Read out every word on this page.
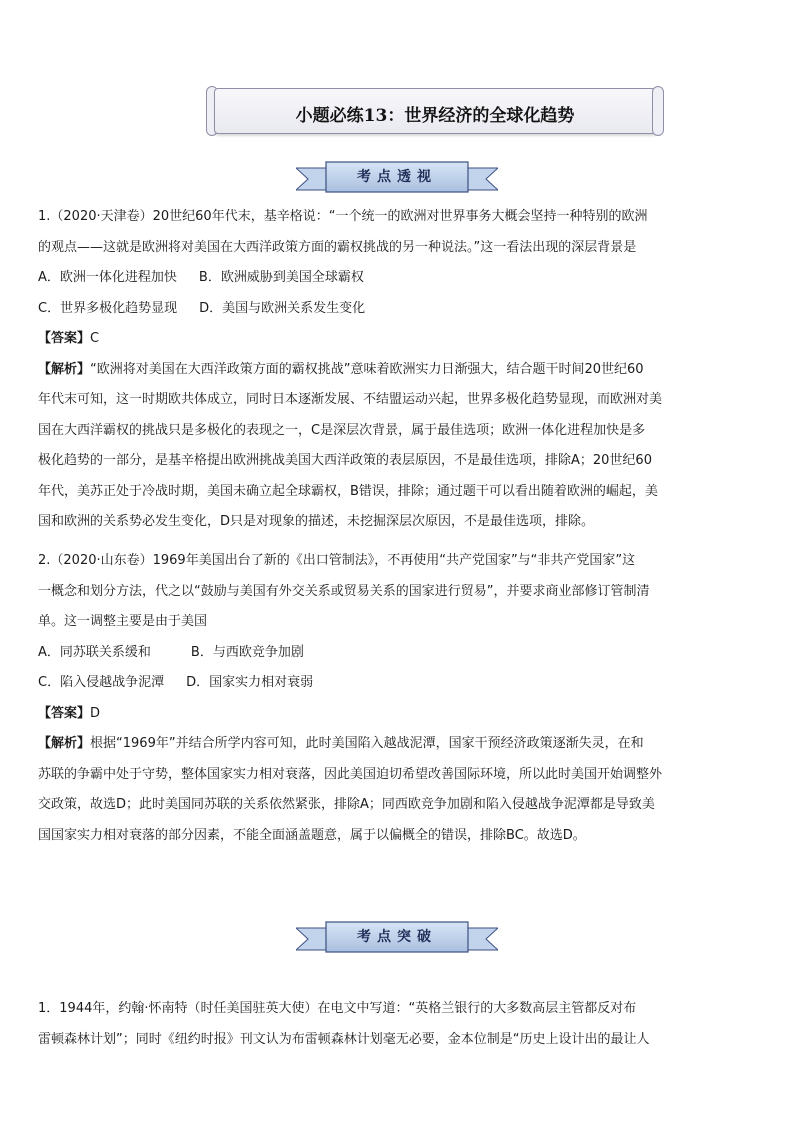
小题必练13：世界经济的全球化趋势
考点透视
1.（2020·天津卷）20世纪60年代末，基辛格说：“一个统一的欧洲对世界事务大概会坚持一种特别的欧洲
的观点——这就是欧洲将对美国在大西洋政策方面的霸权挑战的另一种说法。”这一看法出现的深层背景是
A．欧洲一体化进程加快 B．欧洲威胁到美国全球霸权
C．世界多极化趋势显现 D．美国与欧洲关系发生变化
【答案】C
【解析】“欧洲将对美国在大西洋政策方面的霸权挑战”意味着欧洲实力日渐强大，结合题干时间20世纪60
年代末可知，这一时期欧共体成立，同时日本逐渐发展、不结盟运动兴起，世界多极化趋势显现，而欧洲对美
国在大西洋霸权的挑战只是多极化的表现之一，C是深层次背景，属于最佳选项；欧洲一体化进程加快是多
极化趋势的一部分，是基辛格提出欧洲挑战美国大西洋政策的表层原因，不是最佳选项，排除A；20世纪60
年代，美苏正处于冷战时期，美国未确立起全球霸权，B错误，排除；通过题干可以看出随着欧洲的崛起，美
国和欧洲的关系势必发生变化，D只是对现象的描述，未挖掘深层次原因，不是最佳选项，排除。
2.（2020·山东卷）1969年美国出台了新的《出口管制法》，不再使用“共产党国家”与“非共产党国家”这
一概念和划分方法，代之以“鼓励与美国有外交关系或贸易关系的国家进行贸易”，并要求商业部修订管制清
单。这一调整主要是由于美国
A．同苏联关系缓和	B．与西欧竞争加剧
C．陷入侵越战争泥潭 D．国家实力相对衰弱
【答案】D
【解析】根据“1969年”并结合所学内容可知，此时美国陷入越战泥潭，国家干预经济政策逐渐失灵，在和
苏联的争霸中处于守势，整体国家实力相对衰落，因此美国迫切希望改善国际环境，所以此时美国开始调整外
交政策，故选D；此时美国同苏联的关系依然紧张，排除A；同西欧竞争加剧和陷入侵越战争泥潭都是导致美
国国家实力相对衰落的部分因素，不能全面涵盖题意，属于以偏概全的错误，排除BC。故选D。
考点突破
1．1944年，约翰·怀南特（时任美国驻英大使）在电文中写道：“英格兰银行的大多数高层主管都反对布
雷顿森林计划”；同时《纽约时报》刊文认为布雷顿森林计划毫无必要，金本位制是“历史上设计出的最让人
